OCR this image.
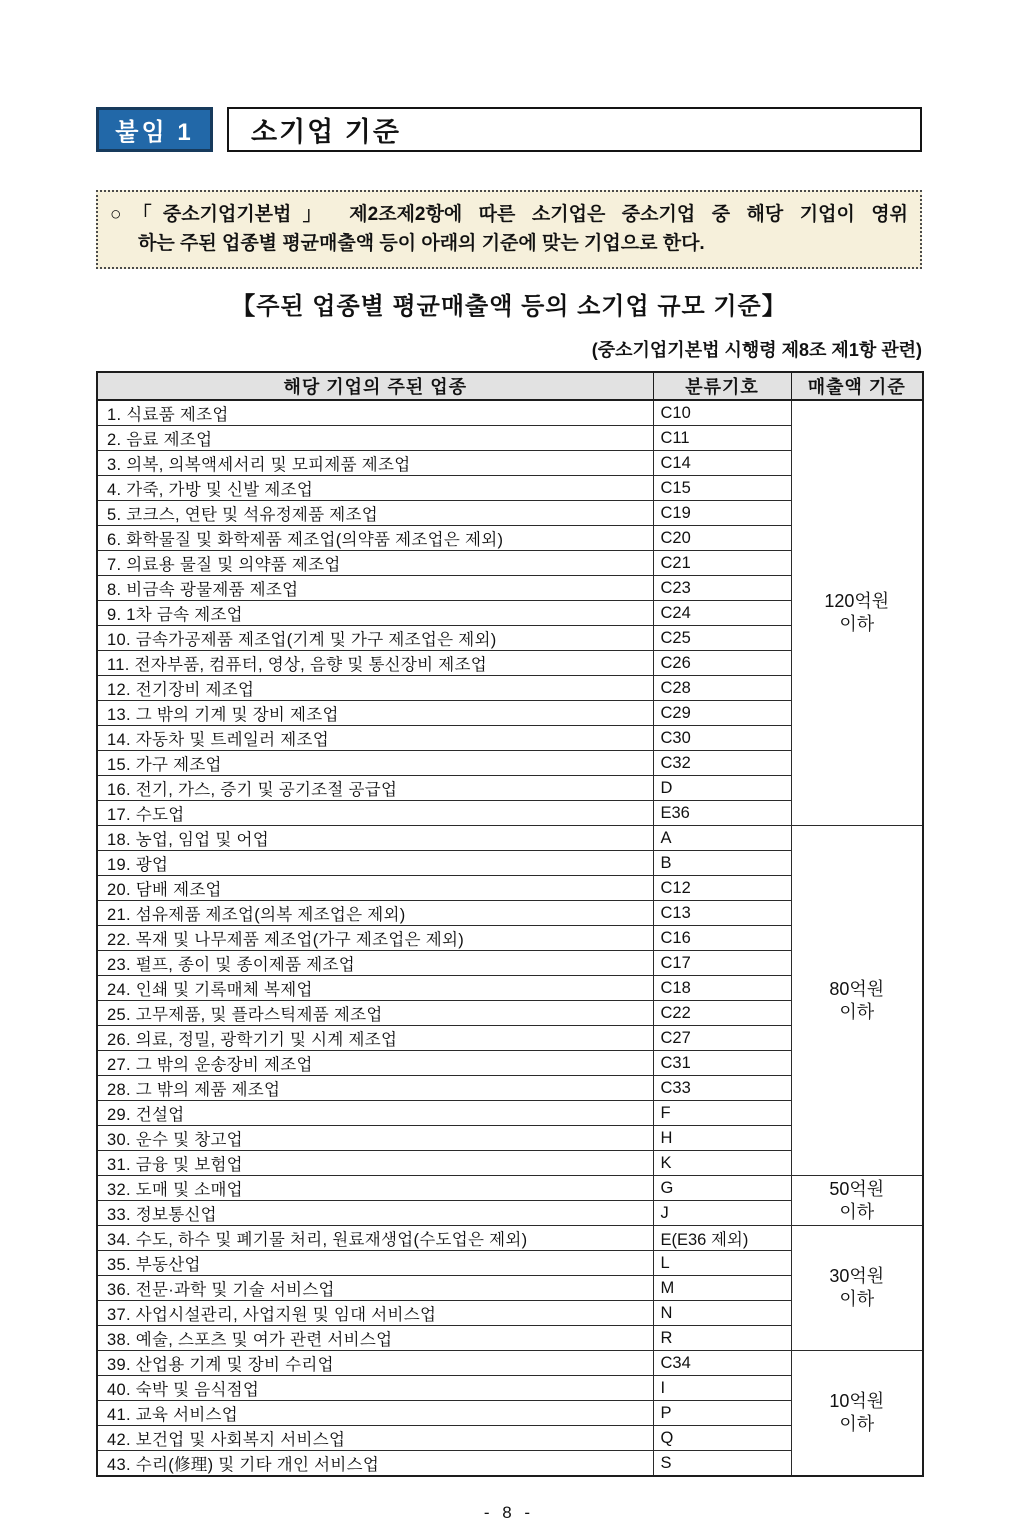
붙임 1	소기업 기준
○「중소기업기본법」 제2조제2항에 따른 소기업은 중소기업 중 해당 기업이 영위
하는 주된 업종별 평균매출액 등이 아래의 기준에 맞는 기업으로 한다.
【주된 업종별 평균매출액 등의 소기업 규모 기준】
(중소기업기본법 시행령 제8조 제1항 관련)
해당 기업의 주된 업종	분류기호	매출액 기준
1. 식료품 제조업	C10	120억원
이하

2. 음료 제조업	C11	
3. 의복, 의복액세서리 및 모피제품 제조업	C14	
4. 가죽, 가방 및 신발 제조업	C15	
5. 코크스, 연탄 및 석유정제품 제조업	C19	
6. 화학물질 및 화학제품 제조업(의약품 제조업은 제외)	C20	
7. 의료용 물질 및 의약품 제조업	C21	
8. 비금속 광물제품 제조업	C23	
9. 1차 금속 제조업	C24	
10. 금속가공제품 제조업(기계 및 가구 제조업은 제외)	C25	
11. 전자부품, 컴퓨터, 영상, 음향 및 통신장비 제조업	C26	
12. 전기장비 제조업	C28	
13. 그 밖의 기계 및 장비 제조업	C29	
14. 자동차 및 트레일러 제조업	C30	
15. 가구 제조업	C32	
16. 전기, 가스, 증기 및 공기조절 공급업	D	
17. 수도업	E36	
18. 농업, 임업 및 어업	A	80억원
이하

19. 광업	B	
20. 담배 제조업	C12	
21. 섬유제품 제조업(의복 제조업은 제외)	C13	
22. 목재 및 나무제품 제조업(가구 제조업은 제외)	C16	
23. 펄프, 종이 및 종이제품 제조업	C17	
24. 인쇄 및 기록매체 복제업	C18	
25. 고무제품, 및 플라스틱제품 제조업	C22	
26. 의료, 정밀, 광학기기 및 시계 제조업	C27	
27. 그 밖의 운송장비 제조업	C31	
28. 그 밖의 제품 제조업	C33	
29. 건설업	F	
30. 운수 및 창고업	H	
31. 금융 및 보험업	K	
32. 도매 및 소매업	G	50억원
이하

33. 정보통신업	J	
34. 수도, 하수 및 폐기물 처리, 원료재생업(수도업은 제외)	E(E36 제외)	30억원
이하

35. 부동산업	L	
36. 전문·과학 및 기술 서비스업	M	
37. 사업시설관리, 사업지원 및 임대 서비스업	N	
38. 예술, 스포츠 및 여가 관련 서비스업	R	
39. 산업용 기계 및 장비 수리업	C34	10억원
이하

40. 숙박 및 음식점업	I	
41. 교육 서비스업	P	
42. 보건업 및 사회복지 서비스업	Q	
43. 수리(修理) 및 기타 개인 서비스업	S	
- 8 -
